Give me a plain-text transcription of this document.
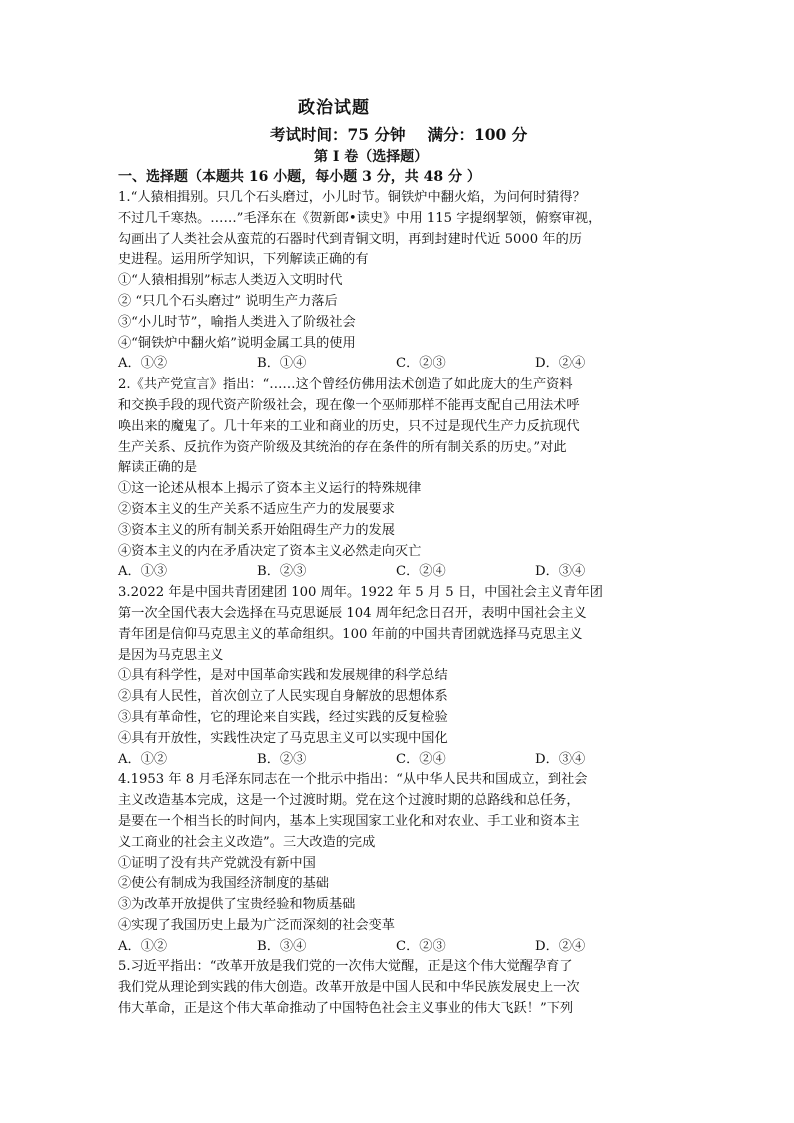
政治试题
考试时间：75 分钟 满分：100 分
第 I 卷（选择题）
一、选择题（本题共 16 小题，每小题 3 分，共 48 分 ）
1.“人猿相揖别。只几个石头磨过，小儿时节。铜铁炉中翻火焰，为问何时猜得？
不过几千寒热。……”毛泽东在《贺新郎•读史》中用 115 字提纲挈领，俯察审视，
勾画出了人类社会从蛮荒的石器时代到青铜文明，再到封建时代近 5000 年的历
史进程。运用所学知识，下列解读正确的有
①“人猿相揖别”标志人类迈入文明时代
② “只几个石头磨过” 说明生产力落后
③“小儿时节”，喻指人类进入了阶级社会
④“铜铁炉中翻火焰”说明金属工具的使用
A．①②	B．①④	C．②③	D．②④
2.《共产党宣言》指出：“……这个曾经仿佛用法术创造了如此庞大的生产资料
和交换手段的现代资产阶级社会，现在像一个巫师那样不能再支配自己用法术呼
唤出来的魔鬼了。几十年来的工业和商业的历史，只不过是现代生产力反抗现代
生产关系、反抗作为资产阶级及其统治的存在条件的所有制关系的历史。”对此
解读正确的是
①这一论述从根本上揭示了资本主义运行的特殊规律
②资本主义的生产关系不适应生产力的发展要求
③资本主义的所有制关系开始阻碍生产力的发展
④资本主义的内在矛盾决定了资本主义必然走向灭亡
A．①③	B．②③	C．②④	D．③④
3.2022 年是中国共青团建团 100 周年。1922 年 5 月 5 日，中国社会主义青年团
第一次全国代表大会选择在马克思诞辰 104 周年纪念日召开，表明中国社会主义
青年团是信仰马克思主义的革命组织。100 年前的中国共青团就选择马克思主义
是因为马克思主义
①具有科学性，是对中国革命实践和发展规律的科学总结
②具有人民性，首次创立了人民实现自身解放的思想体系
③具有革命性，它的理论来自实践，经过实践的反复检验
④具有开放性，实践性决定了马克思主义可以实现中国化
A．①②	B．②③	C．②④	D．③④
4.1953 年 8 月毛泽东同志在一个批示中指出：“从中华人民共和国成立，到社会
主义改造基本完成，这是一个过渡时期。党在这个过渡时期的总路线和总任务，
是要在一个相当长的时间内，基本上实现国家工业化和对农业、手工业和资本主
义工商业的社会主义改造”。三大改造的完成
①证明了没有共产党就没有新中国
②使公有制成为我国经济制度的基础
③为改革开放提供了宝贵经验和物质基础
④实现了我国历史上最为广泛而深刻的社会变革
A．①②	B．③④	C．②③	D．②④
5.习近平指出：“改革开放是我们党的一次伟大觉醒，正是这个伟大觉醒孕育了
我们党从理论到实践的伟大创造。改革开放是中国人民和中华民族发展史上一次
伟大革命，正是这个伟大革命推动了中国特色社会主义事业的伟大飞跃！”下列
